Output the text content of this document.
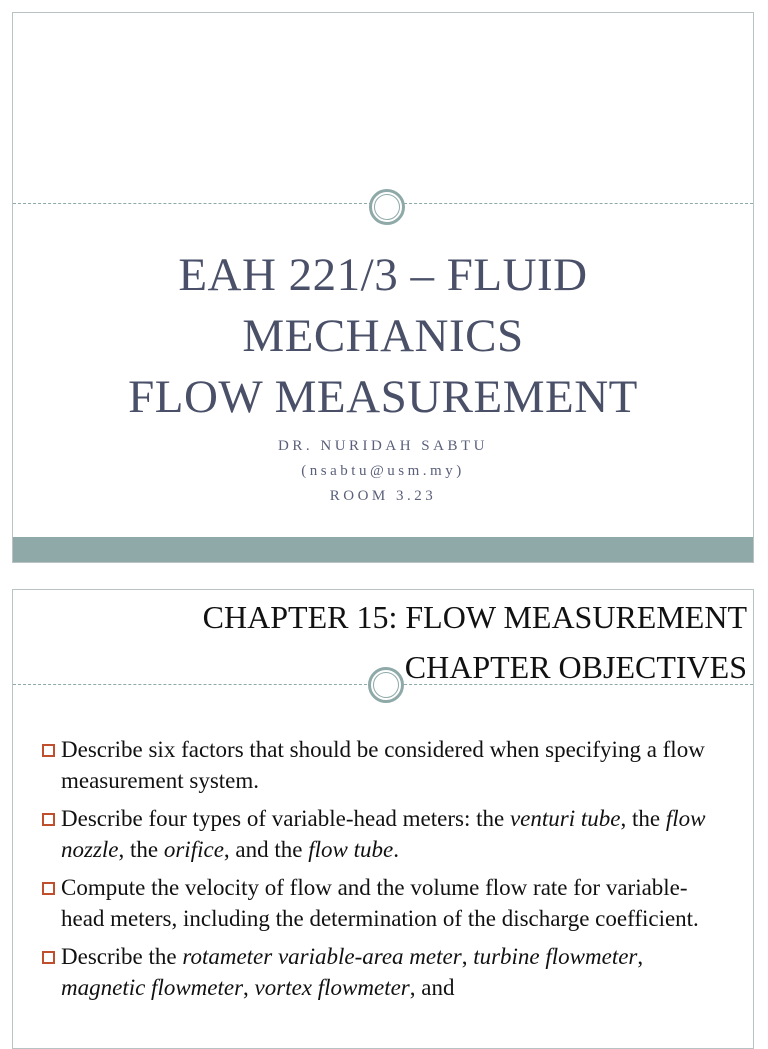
EAH 221/3 – FLUID
MECHANICS
FLOW MEASUREMENT
DR. NURIDAH SABTU
(nsabtu@usm.my)
ROOM 3.23
CHAPTER 15: FLOW MEASUREMENT
CHAPTER OBJECTIVES
Describe six factors that should be considered when specifying a flow measurement system.
Describe four types of variable-head meters: the venturi tube, the flow nozzle, the orifice, and the flow tube.
Compute the velocity of flow and the volume flow rate for variable-head meters, including the determination of the discharge coefficient.
Describe the rotameter variable-area meter, turbine flowmeter, magnetic flowmeter, vortex flowmeter, and
